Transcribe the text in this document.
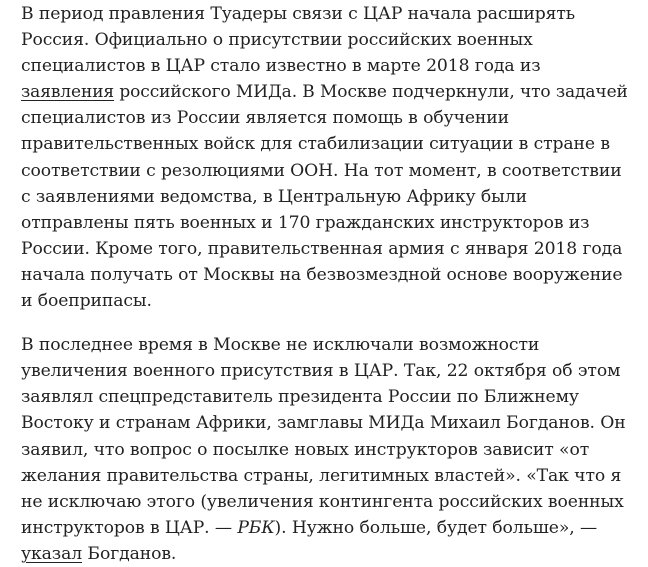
В период правления Туадеры связи с ЦАР начала расширять
Россия. Официально о присутствии российских военных
специалистов в ЦАР стало известно в марте 2018 года из
заявления российского МИДа. В Москве подчеркнули, что задачей
специалистов из России является помощь в обучении
правительственных войск для стабилизации ситуации в стране в
соответствии с резолюциями ООН. На тот момент, в соответствии
с заявлениями ведомства, в Центральную Африку были
отправлены пять военных и 170 гражданских инструкторов из
России. Кроме того, правительственная армия с января 2018 года
начала получать от Москвы на безвозмездной основе вооружение
и боеприпасы.

В последнее время в Москве не исключали возможности
увеличения военного присутствия в ЦАР. Так, 22 октября об этом
заявлял спецпредставитель президента России по Ближнему
Востоку и странам Африки, замглавы МИДа Михаил Богданов. Он
заявил, что вопрос о посылке новых инструкторов зависит «от
желания правительства страны, легитимных властей». «Так что я
не исключаю этого (увеличения контингента российских военных
инструкторов в ЦАР. — РБК). Нужно больше, будет больше», —
указал Богданов.
